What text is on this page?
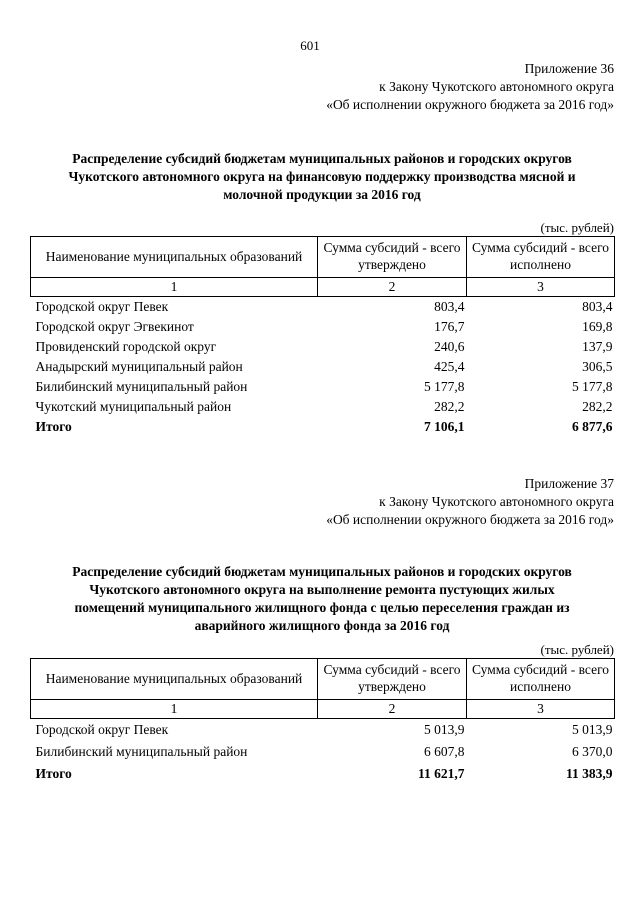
601
Приложение 36
к Закону Чукотского автономного округа
«Об исполнении окружного бюджета за 2016 год»
Распределение субсидий бюджетам муниципальных районов и городских округов
Чукотского автономного округа на финансовую поддержку производства мясной и
молочной продукции за 2016 год
(тыс. рублей)
Наименование муниципальных образований	Сумма субсидий - всего утверждено	Сумма субсидий - всего исполнено
1	2	3
Городской округ Певек	803,4	803,4
Городской округ Эгвекинот	176,7	169,8
Провиденский городской округ	240,6	137,9
Анадырский муниципальный район	425,4	306,5
Билибинский муниципальный район	5 177,8	5 177,8
Чукотский муниципальный район	282,2	282,2
Итого	7 106,1	6 877,6
Приложение 37
к Закону Чукотского автономного округа
«Об исполнении окружного бюджета за 2016 год»
Распределение субсидий бюджетам муниципальных районов и городских округов
Чукотского автономного округа на выполнение ремонта пустующих жилых
помещений муниципального жилищного фонда с целью переселения граждан из
аварийного жилищного фонда за 2016 год
(тыс. рублей)
Наименование муниципальных образований	Сумма субсидий - всего утверждено	Сумма субсидий - всего исполнено
1	2	3
Городской округ Певек	5 013,9	5 013,9
Билибинский муниципальный район	6 607,8	6 370,0
Итого	11 621,7	11 383,9
